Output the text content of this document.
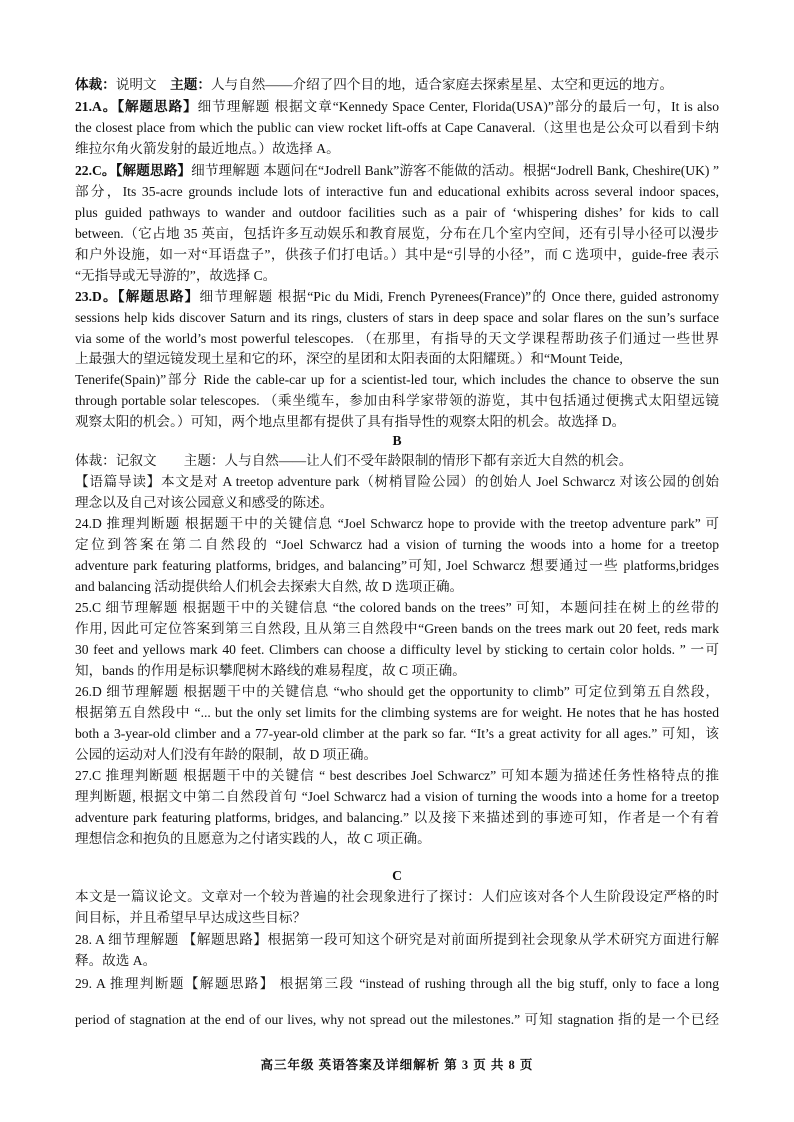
体裁：说明文　主题：人与自然——介绍了四个目的地，适合家庭去探索星星、太空和更远的地方。
21.A。【解题思路】细节理解题 根据文章“Kennedy Space Center, Florida(USA)”部分的最后一句，It is also
the closest place from which the public can view rocket lift-offs at Cape Canaveral.（这里也是公众可以看到卡纳
维拉尔角火箭发射的最近地点。）故选择 A。
22.C。【解题思路】细节理解题 本题问在“Jodrell Bank”游客不能做的活动。根据“Jodrell Bank, Cheshire(UK) ”
部分，Its 35-acre grounds include lots of interactive fun and educational exhibits across several indoor spaces,
plus guided pathways to wander and outdoor facilities such as a pair of ‘whispering dishes’ for kids to call
between.（它占地 35 英亩，包括许多互动娱乐和教育展览，分布在几个室内空间，还有引导小径可以漫步
和户外设施，如一对“耳语盘子”，供孩子们打电话。）其中是“引导的小径”，而 C 选项中，guide-free 表示
“无指导或无导游的”，故选择 C。
23.D。【解题思路】细节理解题 根据“Pic du Midi, French Pyrenees(France)”的 Once there, guided astronomy
sessions help kids discover Saturn and its rings, clusters of stars in deep space and solar flares on the sun’s surface
via some of the world’s most powerful telescopes. （在那里，有指导的天文学课程帮助孩子们通过一些世界
上最强大的望远镜发现土星和它的环，深空的星团和太阳表面的太阳耀斑。）和“Mount Teide,
Tenerife(Spain)”部分 Ride the cable-car up for a scientist-led tour, which includes the chance to observe the sun
through portable solar telescopes. （乘坐缆车，参加由科学家带领的游览，其中包括通过便携式太阳望远镜
观察太阳的机会。）可知，两个地点里都有提供了具有指导性的观察太阳的机会。故选择 D。
B
体裁：记叙文　　主题：人与自然——让人们不受年龄限制的情形下都有亲近大自然的机会。
【语篇导读】本文是对 A treetop adventure park（树梢冒险公园）的创始人 Joel Schwarcz 对该公园的创始
理念以及自己对该公园意义和感受的陈述。
24.D 推理判断题 根据题干中的关键信息 “Joel Schwarcz hope to provide with the treetop adventure park” 可
定位到答案在第二自然段的 “Joel Schwarcz had a vision of turning the woods into a home for a treetop
adventure park featuring platforms, bridges, and balancing”可知, Joel Schwarcz 想要通过一些 platforms,bridges
and balancing 活动提供给人们机会去探索大自然, 故 D 选项正确。
25.C 细节理解题 根据题干中的关键信息 “the colored bands on the trees” 可知，本题问挂在树上的丝带的
作用, 因此可定位答案到第三自然段, 且从第三自然段中“Green bands on the trees mark out 20 feet, reds mark
30 feet and yellows mark 40 feet. Climbers can choose a difficulty level by sticking to certain color holds. ” 一可
知，bands 的作用是标识攀爬树木路线的难易程度，故 C 项正确。
26.D 细节理解题 根据题干中的关键信息 “who should get the opportunity to climb” 可定位到第五自然段，
根据第五自然段中 “... but the only set limits for the climbing systems are for weight. He notes that he has hosted
both a 3-year-old climber and a 77-year-old climber at the park so far. “It’s a great activity for all ages.” 可知，该
公园的运动对人们没有年龄的限制，故 D 项正确。
27.C 推理判断题 根据题干中的关键信 “ best describes Joel Schwarcz” 可知本题为描述任务性格特点的推
理判断题, 根据文中第二自然段首句 “Joel Schwarcz had a vision of turning the woods into a home for a treetop
adventure park featuring platforms, bridges, and balancing.” 以及接下来描述到的事迹可知，作者是一个有着
理想信念和抱负的且愿意为之付诸实践的人，故 C 项正确。
C
本文是一篇议论文。文章对一个较为普遍的社会现象进行了探讨：人们应该对各个人生阶段设定严格的时
间目标，并且希望早早达成这些目标？
28. A 细节理解题 【解题思路】根据第一段可知这个研究是对前面所提到社会现象从学术研究方面进行解
释。故选 A。
29. A 推理判断题【解题思路】 根据第三段 “instead of rushing through all the big stuff, only to face a long
period of stagnation at the end of our lives, why not spread out the milestones.” 可知 stagnation 指的是一个已经
高三年级 英语答案及详细解析 第 3 页 共 8 页
